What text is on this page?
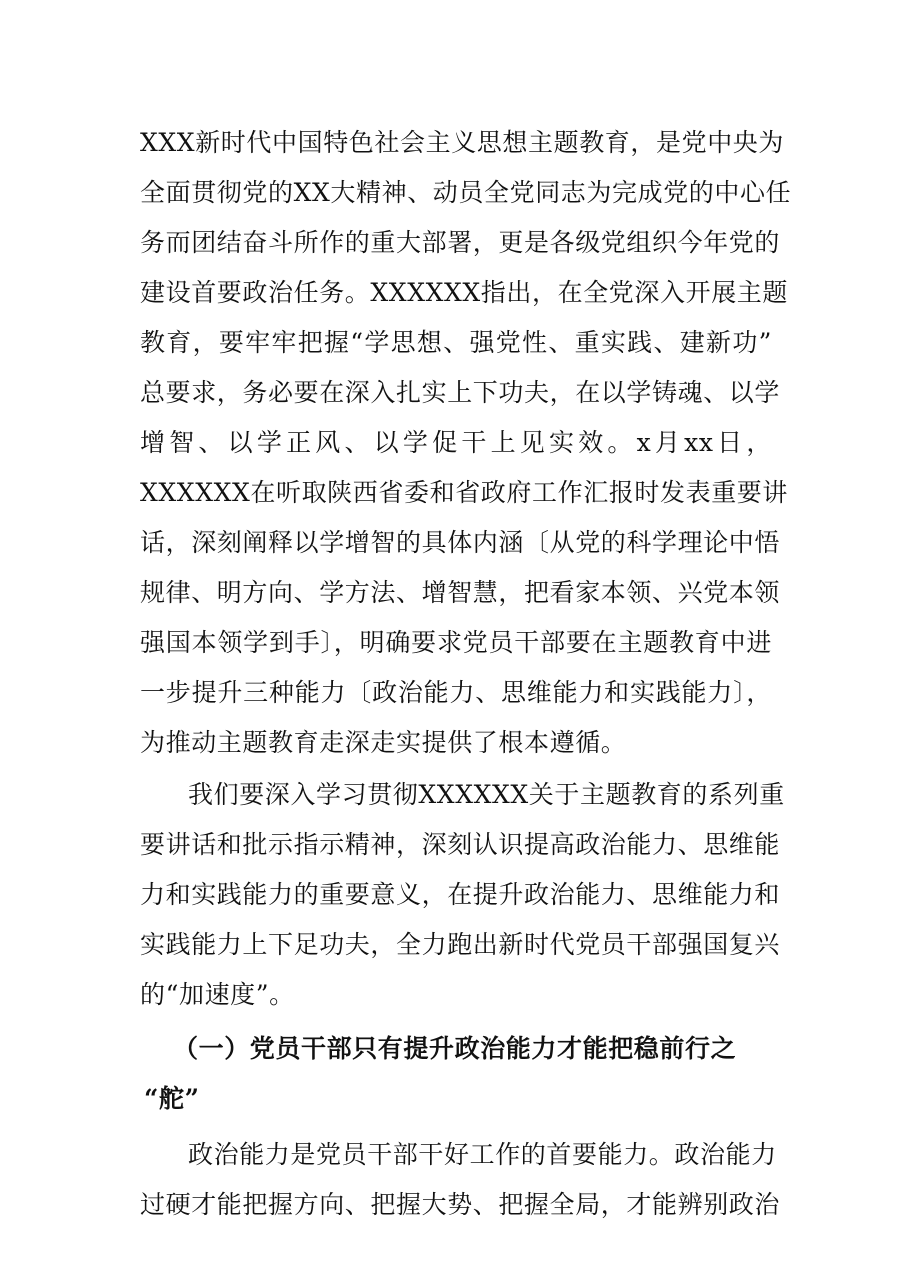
XXX新时代中国特色社会主义思想主题教育，是党中央为
全面贯彻党的XX大精神、动员全党同志为完成党的中心任
务而团结奋斗所作的重大部署，更是各级党组织今年党的
建设首要政治任务。XXXXXX指出，在全党深入开展主题
教育，要牢牢把握“学思想、强党性、重实践、建新功”
总要求，务必要在深入扎实上下功夫，在以学铸魂、以学
增智、以学正风、以学促干上见实效。x月xx日，
XXXXXX在听取陕西省委和省政府工作汇报时发表重要讲
话，深刻阐释以学增智的具体内涵〔从党的科学理论中悟
规律、明方向、学方法、增智慧，把看家本领、兴党本领
强国本领学到手〕，明确要求党员干部要在主题教育中进
一步提升三种能力〔政治能力、思维能力和实践能力〕，
为推动主题教育走深走实提供了根本遵循。
我们要深入学习贯彻XXXXXX关于主题教育的系列重
要讲话和批示指示精神，深刻认识提高政治能力、思维能
力和实践能力的重要意义，在提升政治能力、思维能力和
实践能力上下足功夫，全力跑出新时代党员干部强国复兴
的“加速度”。
（一）党员干部只有提升政治能力才能把稳前行之
“舵”
政治能力是党员干部干好工作的首要能力。政治能力
过硬才能把握方向、把握大势、把握全局，才能辨别政治
